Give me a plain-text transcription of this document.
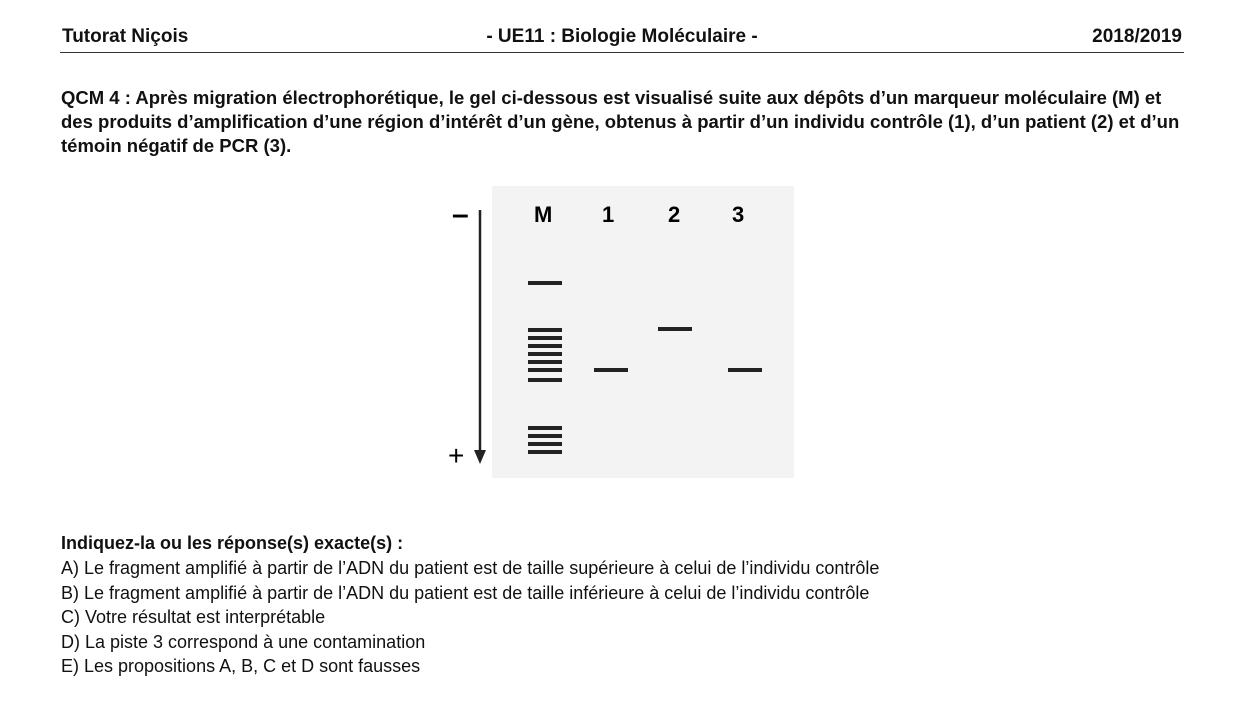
Tutorat Niçois	- UE11 : Biologie Moléculaire -	2018/2019
QCM 4 : Après migration électrophorétique, le gel ci-dessous est visualisé suite aux dépôts d’un marqueur moléculaire (M) et des produits d’amplification d’une région d’intérêt d’un gène, obtenus à partir d’un individu contrôle (1), d’un patient (2) et d’un témoin négatif de PCR (3).
–
+
M 1 2 3
Indiquez-la ou les réponse(s) exacte(s) :
A) Le fragment amplifié à partir de l’ADN du patient est de taille supérieure à celui de l’individu contrôle
B) Le fragment amplifié à partir de l’ADN du patient est de taille inférieure à celui de l’individu contrôle
C) Votre résultat est interprétable
D) La piste 3 correspond à une contamination
E) Les propositions A, B, C et D sont fausses
